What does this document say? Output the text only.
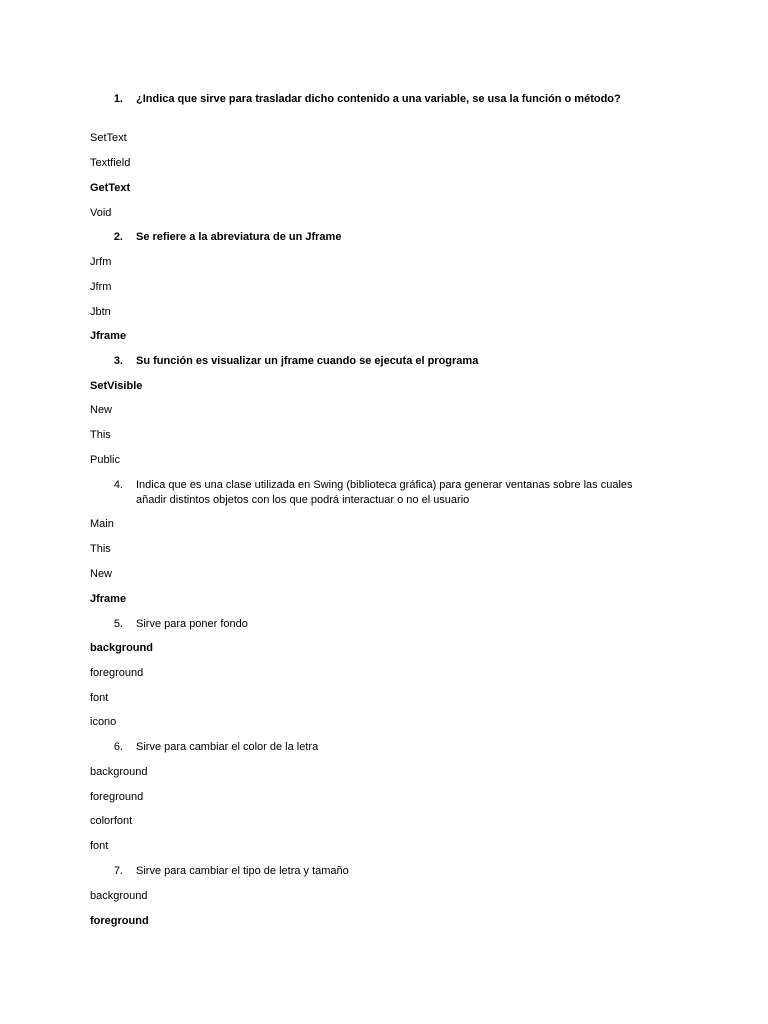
1. ¿Indica que sirve para trasladar dicho contenido a una variable, se usa la función o método?
SetText
Textfield
GetText
Void
2. Se refiere a la abreviatura de un Jframe
Jrfm
Jfrm
Jbtn
Jframe
3. Su función es visualizar un jframe cuando se ejecuta el programa
SetVisible
New
This
Public
4. Indica que es una clase utilizada en Swing (biblioteca gráfica) para generar ventanas sobre las cuales
añadir distintos objetos con los que podrá interactuar o no el usuario
Main
This
New
Jframe
5. Sirve para poner fondo
background
foreground
font
icono
6. Sirve para cambiar el color de la letra
background
foreground
colorfont
font
7. Sirve para cambiar el tipo de letra y tamaño
background
foreground
